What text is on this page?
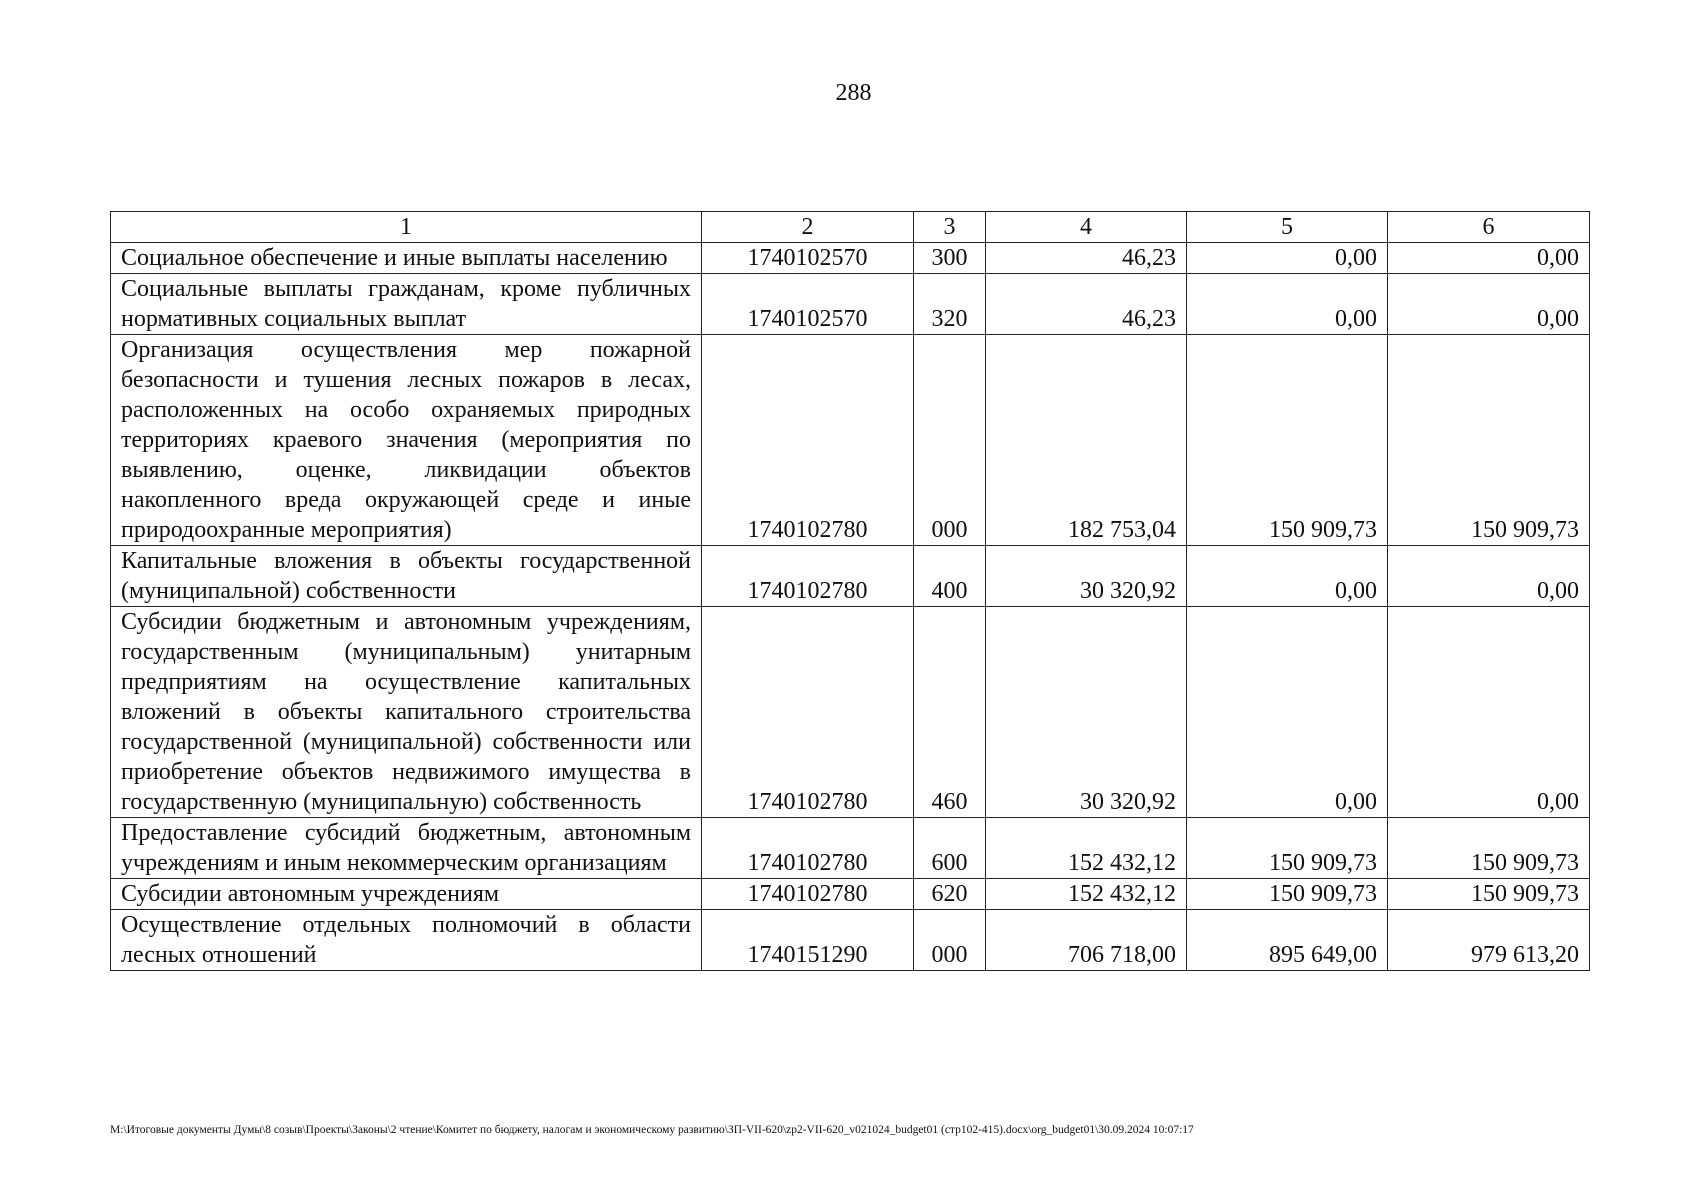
288
1	2	3	4	5	6
Социальное обеспечение и иные выплаты населению	1740102570	300	46,23	0,00	0,00
Социальные выплаты гражданам, кроме публичных нормативных социальных выплат	1740102570	320	46,23	0,00	0,00
Организация осуществления мер пожарной безопасности и тушения лесных пожаров в лесах, расположенных на особо охраняемых природных территориях краевого значения (мероприятия по выявлению, оценке, ликвидации объектов накопленного вреда окружающей среде и иные природоохранные мероприятия)	1740102780	000	182 753,04	150 909,73	150 909,73
Капитальные вложения в объекты государственной (муниципальной) собственности	1740102780	400	30 320,92	0,00	0,00
Субсидии бюджетным и автономным учреждениям, государственным (муниципальным) унитарным предприятиям на осуществление капитальных вложений в объекты капитального строительства государственной (муниципальной) собственности или приобретение объектов недвижимого имущества в государственную (муниципальную) собственность	1740102780	460	30 320,92	0,00	0,00
Предоставление субсидий бюджетным, автономным учреждениям и иным некоммерческим организациям	1740102780	600	152 432,12	150 909,73	150 909,73
Субсидии автономным учреждениям	1740102780	620	152 432,12	150 909,73	150 909,73
Осуществление отдельных полномочий в области лесных отношений	1740151290	000	706 718,00	895 649,00	979 613,20
M:\Итоговые документы Думы\8 созыв\Проекты\Законы\2 чтение\Комитет по бюджету, налогам и экономическому развитию\ЗП-VII-620\zp2-VII-620_v021024_budget01 (стр102-415).docx\org_budget01\30.09.2024 10:07:17
